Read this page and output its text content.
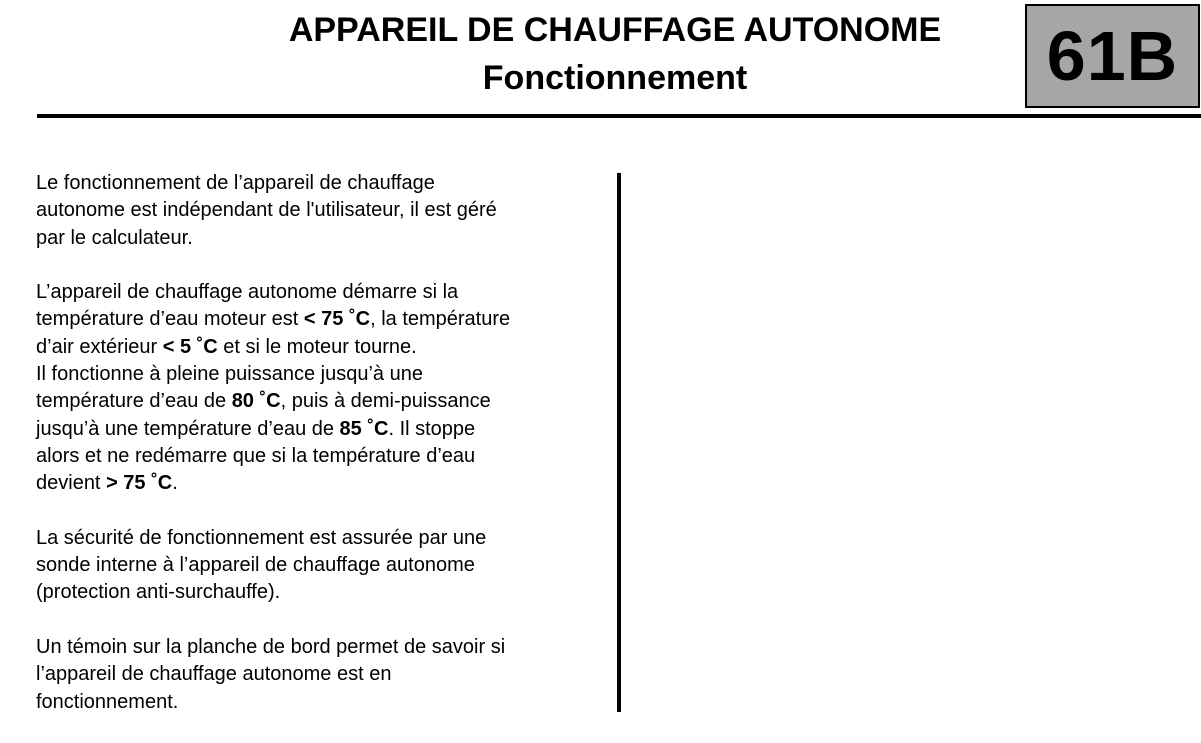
APPAREIL DE CHAUFFAGE AUTONOME
Fonctionnement	61B

Le fonctionnement de l’appareil de chauffage
autonome est indépendant de l'utilisateur, il est géré
par le calculateur.

L’appareil de chauffage autonome démarre si la
température d’eau moteur est < 75 ˚C, la température
d’air extérieur < 5 ˚C et si le moteur tourne.
Il fonctionne à pleine puissance jusqu’à une
température d’eau de 80 ˚C, puis à demi-puissance
jusqu’à une température d’eau de 85 ˚C. Il stoppe
alors et ne redémarre que si la température d’eau
devient > 75 ˚C.

La sécurité de fonctionnement est assurée par une
sonde interne à l’appareil de chauffage autonome
(protection anti-surchauffe).

Un témoin sur la planche de bord permet de savoir si
l’appareil de chauffage autonome est en
fonctionnement.
